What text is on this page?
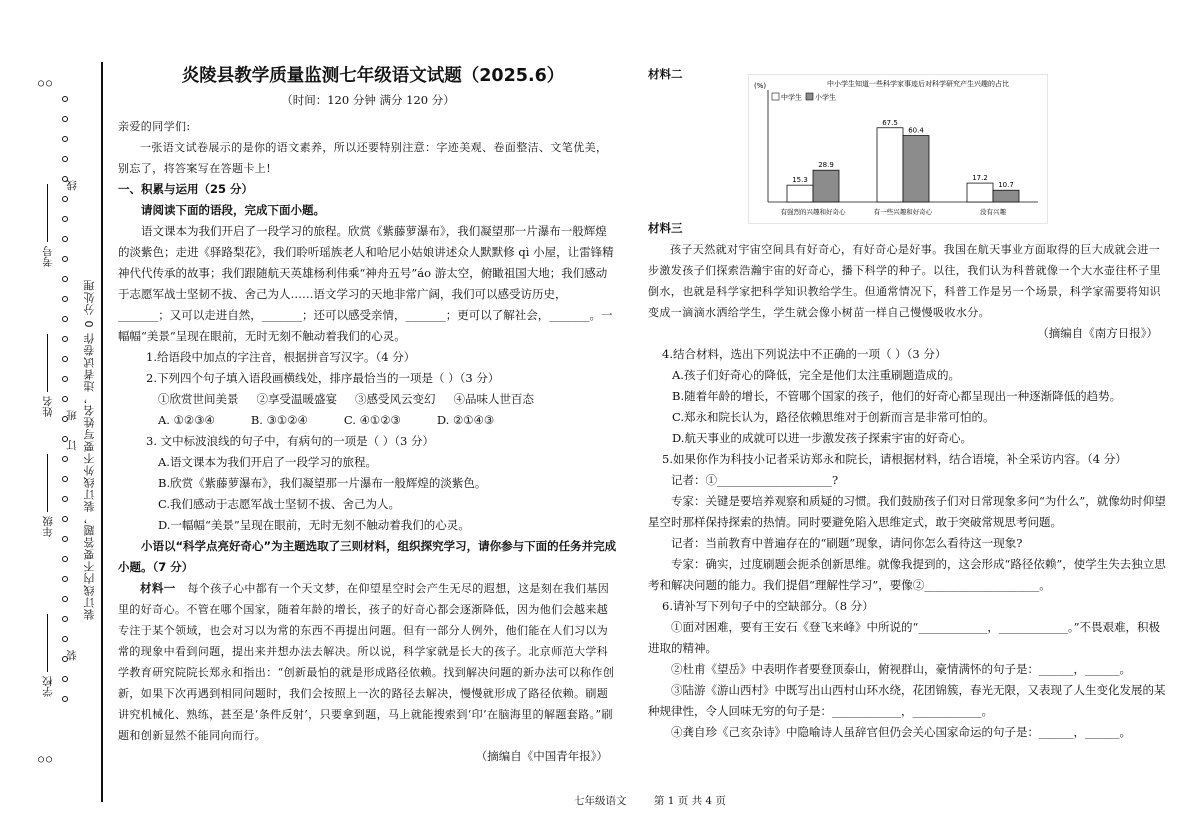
○○
○○
考号
线
姓名 班
订
年级
学校
装
装订线内不要答题，装订线外不要写姓名，违者试卷作 0 分处理
炎陵县教学质量监测七年级语文试题（2025.6）
（时间：120 分钟 满分 120 分）
亲爱的同学们:
一张语文试卷展示的是你的语文素养，所以还要特别注意：字迹美观、卷面整洁、文笔优美，别忘了，将答案写在答题卡上!
一、积累与运用（25 分）
请阅读下面的语段，完成下面小题。
语文课本为我们开启了一段学习的旅程。欣赏《紫藤萝瀑布》，我们凝望那一片瀑布一般辉煌的淡紫色；走进《驿路梨花》，我们聆听瑶族老人和哈尼小姑娘讲述众人默默修 qì 小屋，让雷锋精神代代传承的故事；我们跟随航天英雄杨利伟乘“神舟五号”áo 游太空，俯瞰祖国大地；我们感动于志愿军战士坚韧不拔、舍己为人……语文学习的天地非常广阔，我们可以感受访历史，_______；又可以走进自然，_______；还可以感受亲情，_______；更可以了解社会，_______。一幅幅“美景”呈现在眼前，无时无刻不触动着我们的心灵。
1.给语段中加点的字注音，根据拼音写汉字。（4 分）
2.下列四个句子填入语段画横线处，排序最恰当的一项是（ ）（3 分）
①欣赏世间美景 ②享受温暖盛宴 ③感受风云变幻 ④品味人世百态
A. ①②③④	B. ③①②④	C. ④①②③	D. ②①④③
3. 文中标波浪线的句子中，有病句的一项是（ ）（3 分）
A.语文课本为我们开启了一段学习的旅程。
B.欣赏《紫藤萝瀑布》，我们凝望那一片瀑布一般辉煌的淡紫色。
C.我们感动于志愿军战士坚韧不拔、舍己为人。
D.一幅幅“美景”呈现在眼前，无时无刻不触动着我们的心灵。
小语以“科学点亮好奇心”为主题选取了三则材料，组织探究学习，请你参与下面的任务并完成小题。（7 分）
材料一 每个孩子心中都有一个天文梦，在仰望星空时会产生无尽的遐想，这是刻在我们基因里的好奇心。不管在哪个国家，随着年龄的增长，孩子的好奇心都会逐渐降低，因为他们会越来越专注于某个领域，也会对习以为常的东西不再提出问题。但有一部分人例外，他们能在人们习以为常的现象中看到问题，提出来并想办法去解决。所以说，科学家就是长大的孩子。北京师范大学科学教育研究院院长郑永和指出：“创新最怕的就是形成路径依赖。找到解决问题的新办法可以称作创新，如果下次再遇到相同问题时，我们会按照上一次的路径去解决，慢慢就形成了路径依赖。刷题讲究机械化、熟练，甚至是‘条件反射’，只要拿到题，马上就能搜索到‘印’在脑海里的解题套路。”刷题和创新显然不能同向而行。
（摘编自《中国青年报》）
材料二
中小学生知道一些科学家事迹后对科学研究产生兴趣的占比
(%)
中学生 小学生
15.3
28.9
有强烈的兴趣和好奇心
67.5
60.4
有一些兴趣和好奇心
17.2
10.7
没有兴趣
材料三
孩子天然就对宇宙空间具有好奇心，有好奇心是好事。我国在航天事业方面取得的巨大成就会进一步激发孩子们探索浩瀚宇宙的好奇心，播下科学的种子。以往，我们认为科普就像一个大水壶往杯子里倒水，也就是科学家把科学知识教给学生。但通常情况下，科普工作是另一个场景，科学家需要将知识变成一滴滴水洒给学生，学生就会像小树苗一样自己慢慢吸收水分。
（摘编自《南方日报》）
4.结合材料，选出下列说法中不正确的一项（ ）（3 分）
A.孩子们好奇心的降低，完全是他们太注重刷题造成的。
B.随着年龄的增长，不管哪个国家的孩子，他们的好奇心都呈现出一种逐渐降低的趋势。
C.郑永和院长认为，路径依赖思维对于创新而言是非常可怕的。
D.航天事业的成就可以进一步激发孩子探索宇宙的好奇心。
5.如果你作为科技小记者采访郑永和院长，请根据材料，结合语境，补全采访内容。（4 分）
记者：①____________________?
专家：关键是要培养观察和质疑的习惯。我们鼓励孩子们对日常现象多问“为什么”，就像幼时仰望星空时那样保持探索的热情。同时要避免陷入思维定式，敢于突破常规思考问题。
记者：当前教育中普遍存在的“刷题”现象，请问你怎么看待这一现象?
专家：确实，过度刷题会扼杀创新思维。就像我提到的，这会形成“路径依赖”，使学生失去独立思考和解决问题的能力。我们提倡“理解性学习”，要像②____________________。
6.请补写下列句子中的空缺部分。（8 分）
①面对困难，要有王安石《登飞来峰》中所说的“____________，____________。”不畏艰难，积极进取的精神。
②杜甫《望岳》中表明作者要登顶泰山，俯视群山，豪情满怀的句子是：______，______。
③陆游《游山西村》中既写出山西村山环水绕，花团锦簇，春光无限，又表现了人生变化发展的某种规律性，令人回味无穷的句子是：____________，____________。
④龚自珍《己亥杂诗》中隐喻诗人虽辞官但仍会关心国家命运的句子是：______，______。
七年级语文	第 1 页 共 4 页
